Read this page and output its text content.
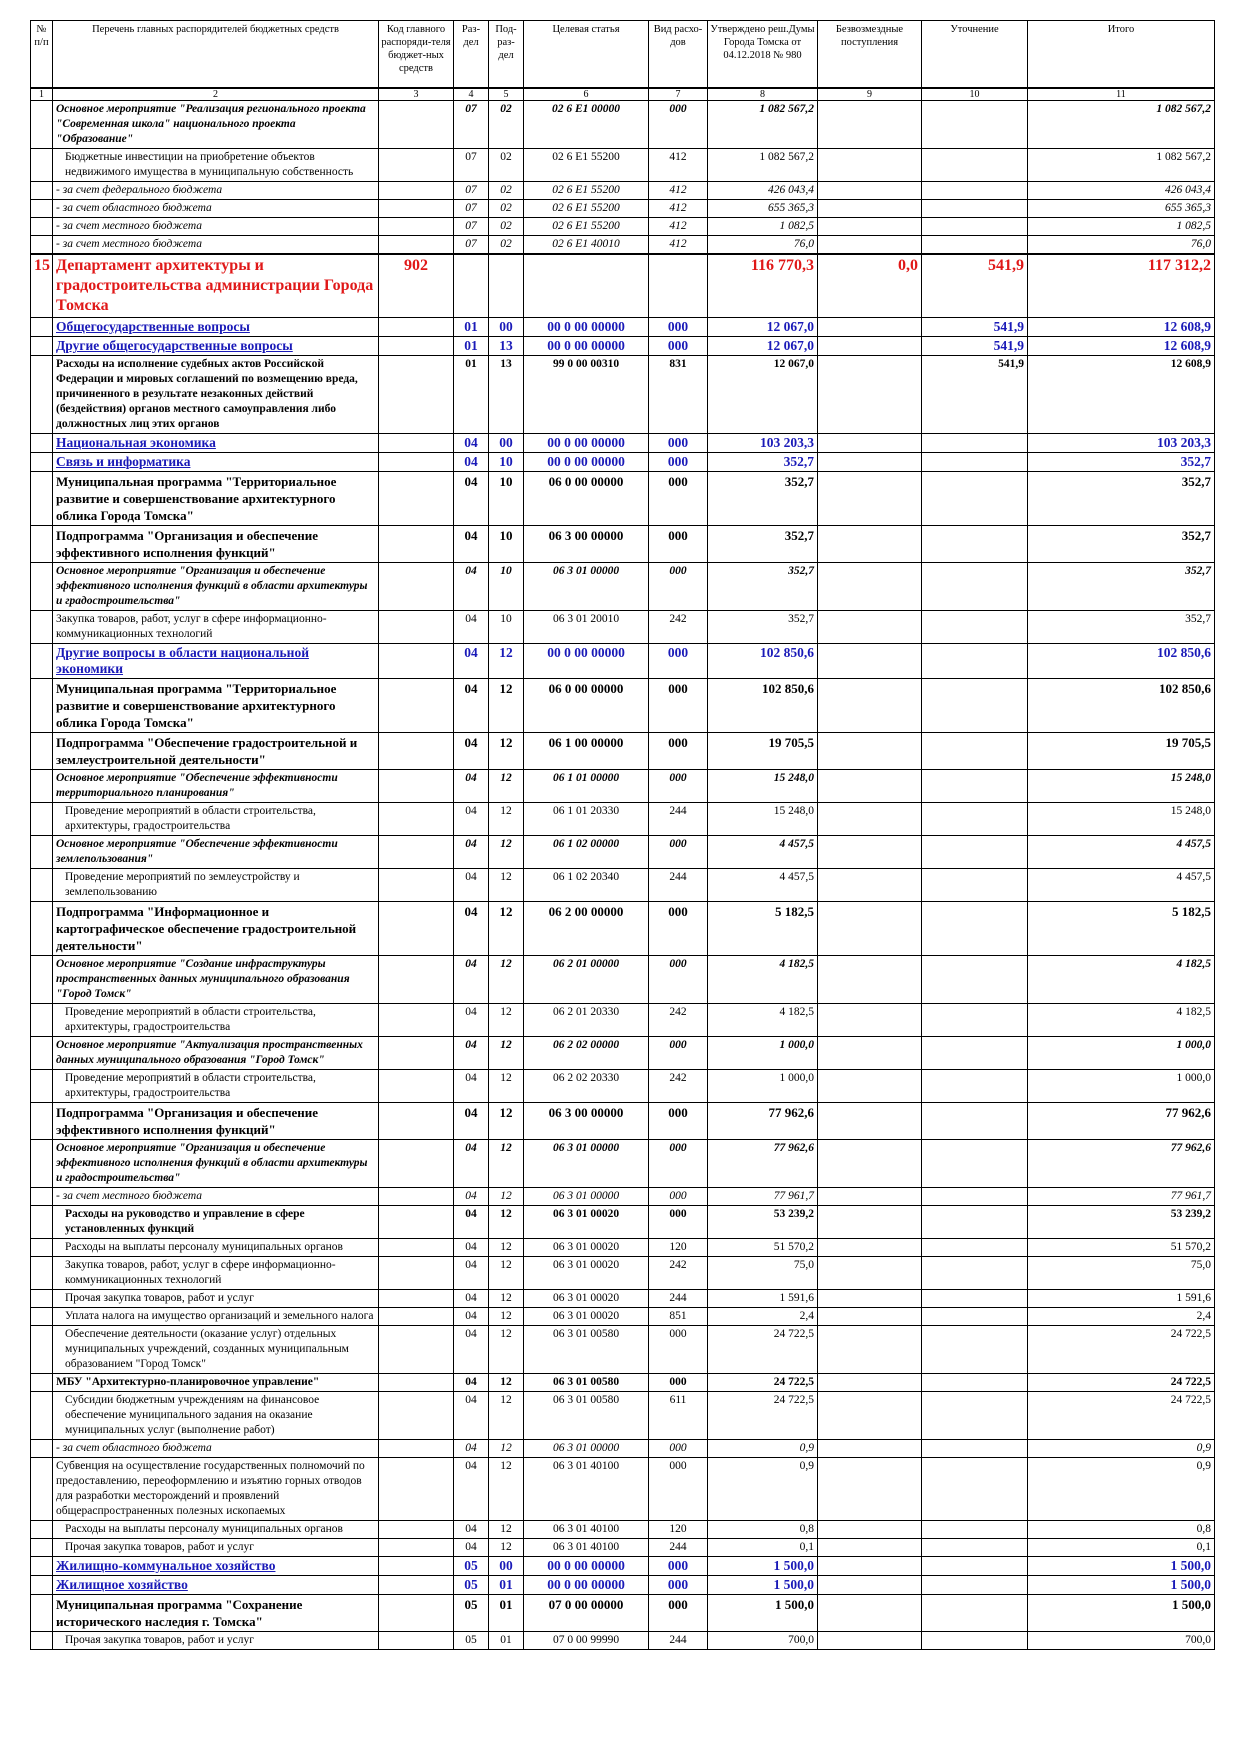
№ п/п	Перечень главных распорядителей бюджетных средств	Код главного распоряди-теля бюджет-ных средств	Раз-дел	Под-раз-дел	Целевая статья	Вид расхо-дов	Утверждено реш.Думы Города Томска от 04.12.2018 № 980	Безвозмездные поступления	Уточнение	Итого
1	2	3	4	5	6	7	8	9	10	11
	Основное мероприятие "Реализация регионального проекта "Современная школа" национального проекта "Образование"		07	02	02 6 E1 00000	000	1 082 567,2			1 082 567,2
	Бюджетные инвестиции на приобретение объектов недвижимого имущества в муниципальную собственность		07	02	02 6 E1 55200	412	1 082 567,2			1 082 567,2
	- за счет федерального бюджета		07	02	02 6 E1 55200	412	426 043,4			426 043,4
	- за счет областного бюджета		07	02	02 6 E1 55200	412	655 365,3			655 365,3
	- за счет местного бюджета		07	02	02 6 E1 55200	412	1 082,5			1 082,5
	- за счет местного бюджета		07	02	02 6 E1 40010	412	76,0			76,0
15	Департамент архитектуры и градостроительства администрации Города Томска	902					116 770,3	0,0	541,9	117 312,2
	Общегосударственные вопросы		01	00	00 0 00 00000	000	12 067,0		541,9	12 608,9
	Другие общегосударственные вопросы		01	13	00 0 00 00000	000	12 067,0		541,9	12 608,9
	Расходы на исполнение судебных актов Российской Федерации и мировых соглашений по возмещению вреда, причиненного в результате незаконных действий (бездействия) органов местного самоуправления либо должностных лиц этих органов		01	13	99 0 00 00310	831	12 067,0		541,9	12 608,9
	Национальная экономика		04	00	00 0 00 00000	000	103 203,3			103 203,3
	Связь и информатика		04	10	00 0 00 00000	000	352,7			352,7
	Муниципальная программа "Территориальное развитие и совершенствование архитектурного облика Города Томска"		04	10	06 0 00 00000	000	352,7			352,7
	Подпрограмма "Организация и обеспечение эффективного исполнения функций"		04	10	06 3 00 00000	000	352,7			352,7
	Основное мероприятие "Организация и обеспечение эффективного исполнения функций в области архитектуры и градостроительства"		04	10	06 3 01 00000	000	352,7			352,7
	Закупка товаров, работ, услуг в сфере информационно-коммуникационных технологий		04	10	06 3 01 20010	242	352,7			352,7
	Другие вопросы в области национальной экономики		04	12	00 0 00 00000	000	102 850,6			102 850,6
	Муниципальная программа "Территориальное развитие и совершенствование архитектурного облика Города Томска"		04	12	06 0 00 00000	000	102 850,6			102 850,6
	Подпрограмма "Обеспечение градостроительной и землеустроительной деятельности"		04	12	06 1 00 00000	000	19 705,5			19 705,5
	Основное мероприятие "Обеспечение эффективности территориального планирования"		04	12	06 1 01 00000	000	15 248,0			15 248,0
	Проведение мероприятий в области строительства, архитектуры, градостроительства		04	12	06 1 01 20330	244	15 248,0			15 248,0
	Основное мероприятие "Обеспечение эффективности землепользования"		04	12	06 1 02 00000	000	4 457,5			4 457,5
	Проведение мероприятий по землеустройству и землепользованию		04	12	06 1 02 20340	244	4 457,5			4 457,5
	Подпрограмма "Информационное и картографическое обеспечение градостроительной деятельности"		04	12	06 2 00 00000	000	5 182,5			5 182,5
	Основное мероприятие "Создание инфраструктуры пространственных данных муниципального образования "Город Томск"		04	12	06 2 01 00000	000	4 182,5			4 182,5
	Проведение мероприятий в области строительства, архитектуры, градостроительства		04	12	06 2 01 20330	242	4 182,5			4 182,5
	Основное мероприятие "Актуализация пространственных данных муниципального образования "Город Томск"		04	12	06 2 02 00000	000	1 000,0			1 000,0
	Проведение мероприятий в области строительства, архитектуры, градостроительства		04	12	06 2 02 20330	242	1 000,0			1 000,0
	Подпрограмма "Организация и обеспечение эффективного исполнения функций"		04	12	06 3 00 00000	000	77 962,6			77 962,6
	Основное мероприятие "Организация и обеспечение эффективного исполнения функций в области архитектуры и градостроительства"		04	12	06 3 01 00000	000	77 962,6			77 962,6
	- за счет местного бюджета		04	12	06 3 01 00000	000	77 961,7			77 961,7
	Расходы на руководство и управление в сфере установленных функций		04	12	06 3 01 00020	000	53 239,2			53 239,2
	Расходы на выплаты персоналу муниципальных органов		04	12	06 3 01 00020	120	51 570,2			51 570,2
	Закупка товаров, работ, услуг в сфере информационно-коммуникационных технологий		04	12	06 3 01 00020	242	75,0			75,0
	Прочая закупка товаров, работ и услуг		04	12	06 3 01 00020	244	1 591,6			1 591,6
	Уплата налога на имущество организаций и земельного налога		04	12	06 3 01 00020	851	2,4			2,4
	Обеспечение деятельности (оказание услуг) отдельных муниципальных учреждений, созданных муниципальным образованием "Город Томск"		04	12	06 3 01 00580	000	24 722,5			24 722,5
	МБУ "Архитектурно-планировочное управление"		04	12	06 3 01 00580	000	24 722,5			24 722,5
	Субсидии бюджетным учреждениям на финансовое обеспечение муниципального задания на оказание муниципальных услуг (выполнение работ)		04	12	06 3 01 00580	611	24 722,5			24 722,5
	- за счет областного бюджета		04	12	06 3 01 00000	000	0,9			0,9
	Субвенция на осуществление государственных полномочий по предоставлению, переоформлению и изъятию горных отводов для разработки месторождений и проявлений общераспространенных полезных ископаемых		04	12	06 3 01 40100	000	0,9			0,9
	Расходы на выплаты персоналу муниципальных органов		04	12	06 3 01 40100	120	0,8			0,8
	Прочая закупка товаров, работ и услуг		04	12	06 3 01 40100	244	0,1			0,1
	Жилищно-коммунальное хозяйство		05	00	00 0 00 00000	000	1 500,0			1 500,0
	Жилищное хозяйство		05	01	00 0 00 00000	000	1 500,0			1 500,0
	Муниципальная программа "Сохранение исторического наследия г. Томска"		05	01	07 0 00 00000	000	1 500,0			1 500,0
	Прочая закупка товаров, работ и услуг		05	01	07 0 00 99990	244	700,0			700,0
